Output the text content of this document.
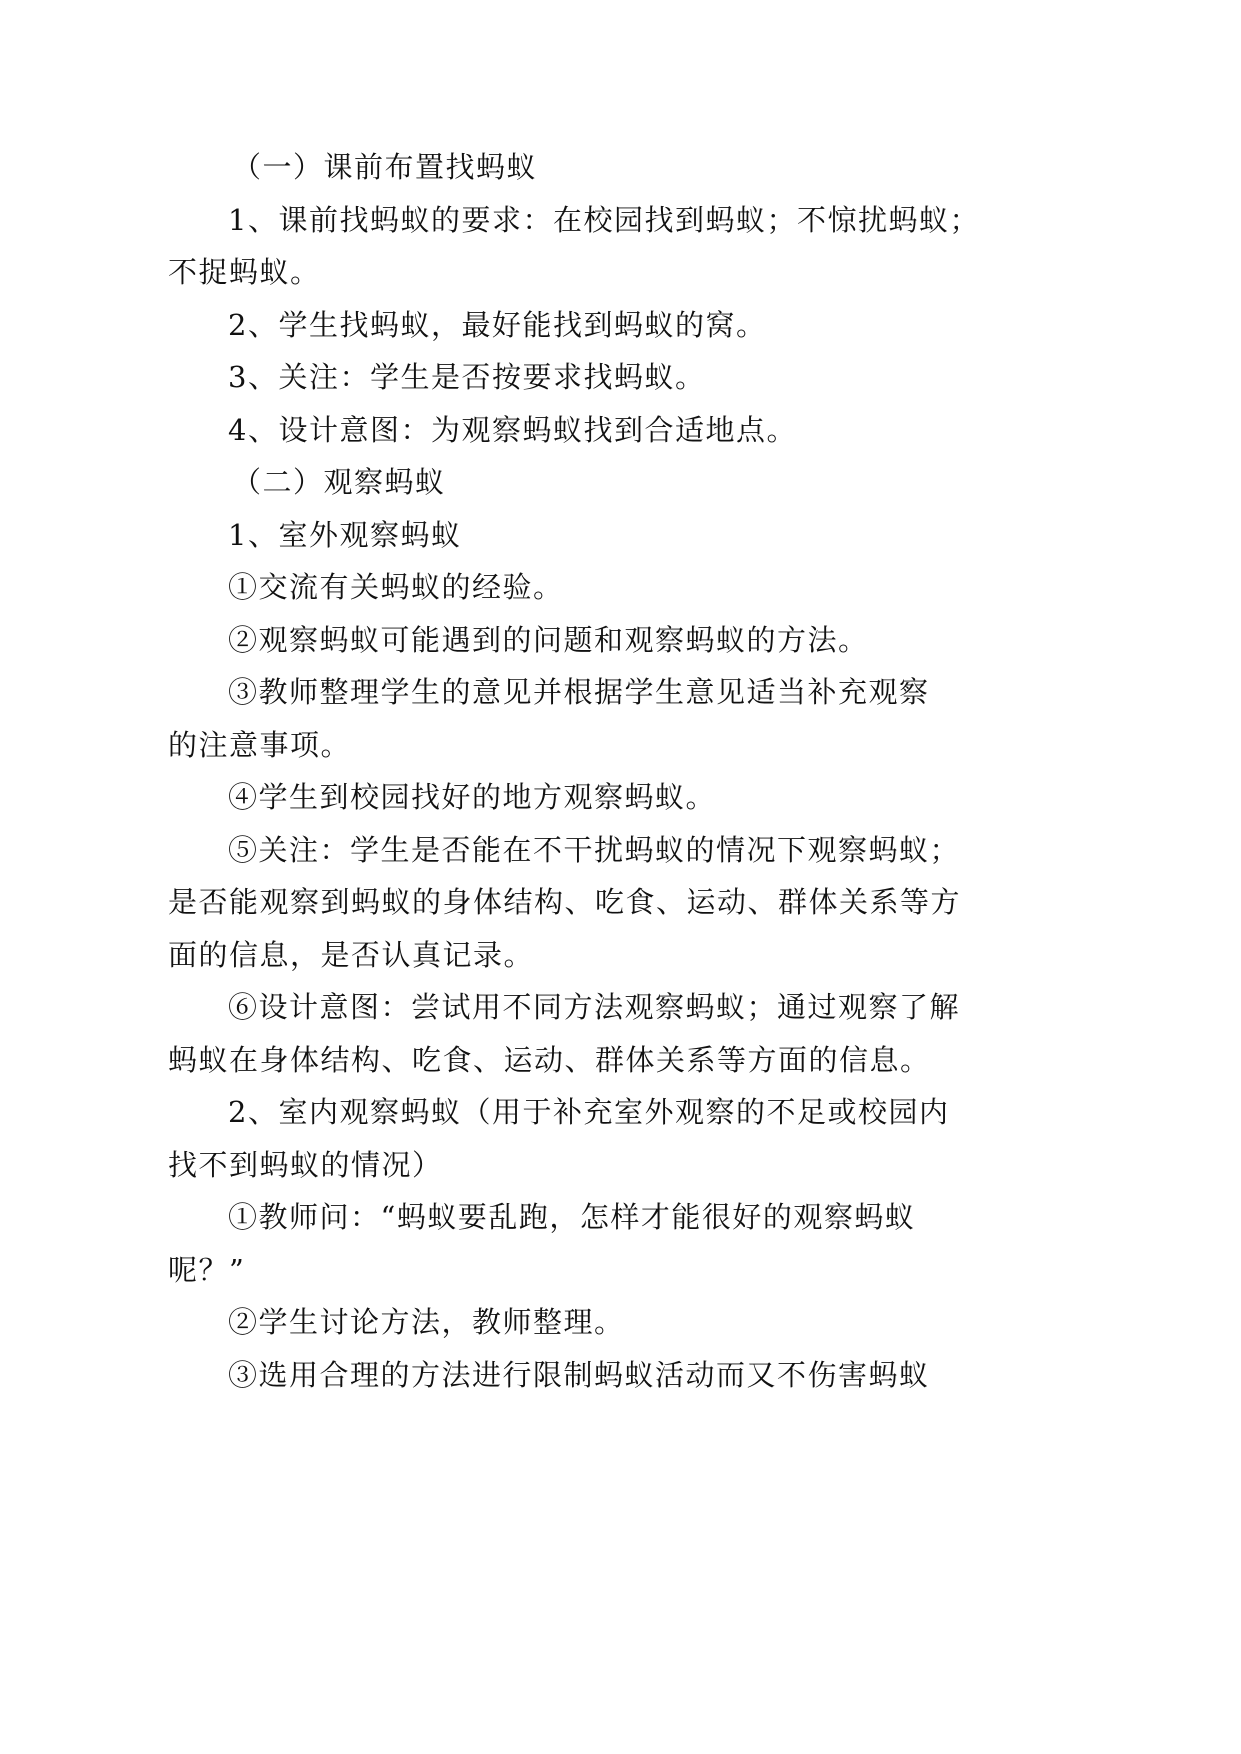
（一）课前布置找蚂蚁
1、课前找蚂蚁的要求：在校园找到蚂蚁；不惊扰蚂蚁；
不捉蚂蚁。
2、学生找蚂蚁，最好能找到蚂蚁的窝。
3、关注：学生是否按要求找蚂蚁。
4、设计意图：为观察蚂蚁找到合适地点。
（二）观察蚂蚁
1、室外观察蚂蚁
①交流有关蚂蚁的经验。
②观察蚂蚁可能遇到的问题和观察蚂蚁的方法。
③教师整理学生的意见并根据学生意见适当补充观察
的注意事项。
④学生到校园找好的地方观察蚂蚁。
⑤关注：学生是否能在不干扰蚂蚁的情况下观察蚂蚁；
是否能观察到蚂蚁的身体结构、吃食、运动、群体关系等方
面的信息，是否认真记录。
⑥设计意图：尝试用不同方法观察蚂蚁；通过观察了解
蚂蚁在身体结构、吃食、运动、群体关系等方面的信息。
2、室内观察蚂蚁（用于补充室外观察的不足或校园内
找不到蚂蚁的情况）
①教师问：“蚂蚁要乱跑，怎样才能很好的观察蚂蚁
呢？”
②学生讨论方法，教师整理。
③选用合理的方法进行限制蚂蚁活动而又不伤害蚂蚁
